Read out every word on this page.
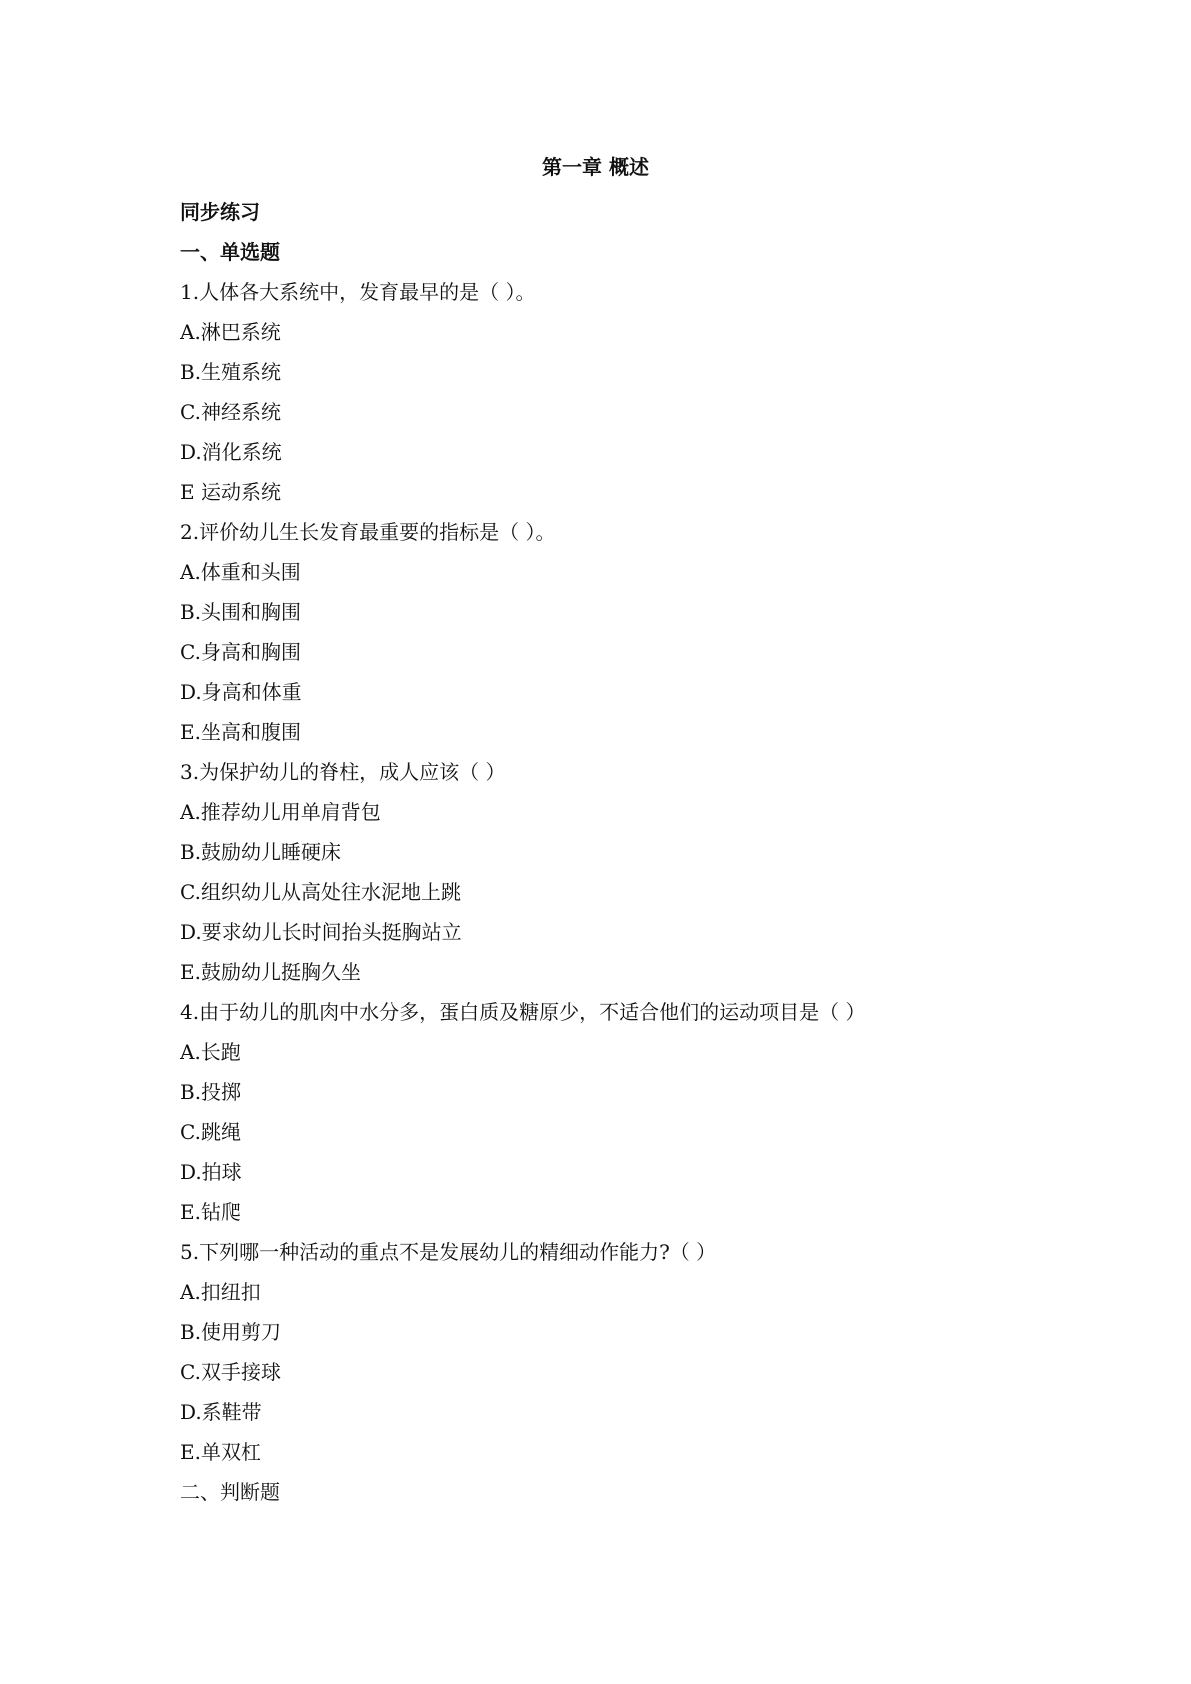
第一章 概述
同步练习
一、单选题
1.人体各大系统中，发育最早的是（ ）。
A.淋巴系统
B.生殖系统
C.神经系统
D.消化系统
E 运动系统
2.评价幼儿生长发育最重要的指标是（ ）。
A.体重和头围
B.头围和胸围
C.身高和胸围
D.身高和体重
E.坐高和腹围
3.为保护幼儿的脊柱，成人应该（ ）
A.推荐幼儿用单肩背包
B.鼓励幼儿睡硬床
C.组织幼儿从高处往水泥地上跳
D.要求幼儿长时间抬头挺胸站立
E.鼓励幼儿挺胸久坐
4.由于幼儿的肌肉中水分多，蛋白质及糖原少，不适合他们的运动项目是（ ）
A.长跑
B.投掷
C.跳绳
D.拍球
E.钻爬
5.下列哪一种活动的重点不是发展幼儿的精细动作能力?（ ）
A.扣纽扣
B.使用剪刀
C.双手接球
D.系鞋带
E.单双杠
二、判断题
